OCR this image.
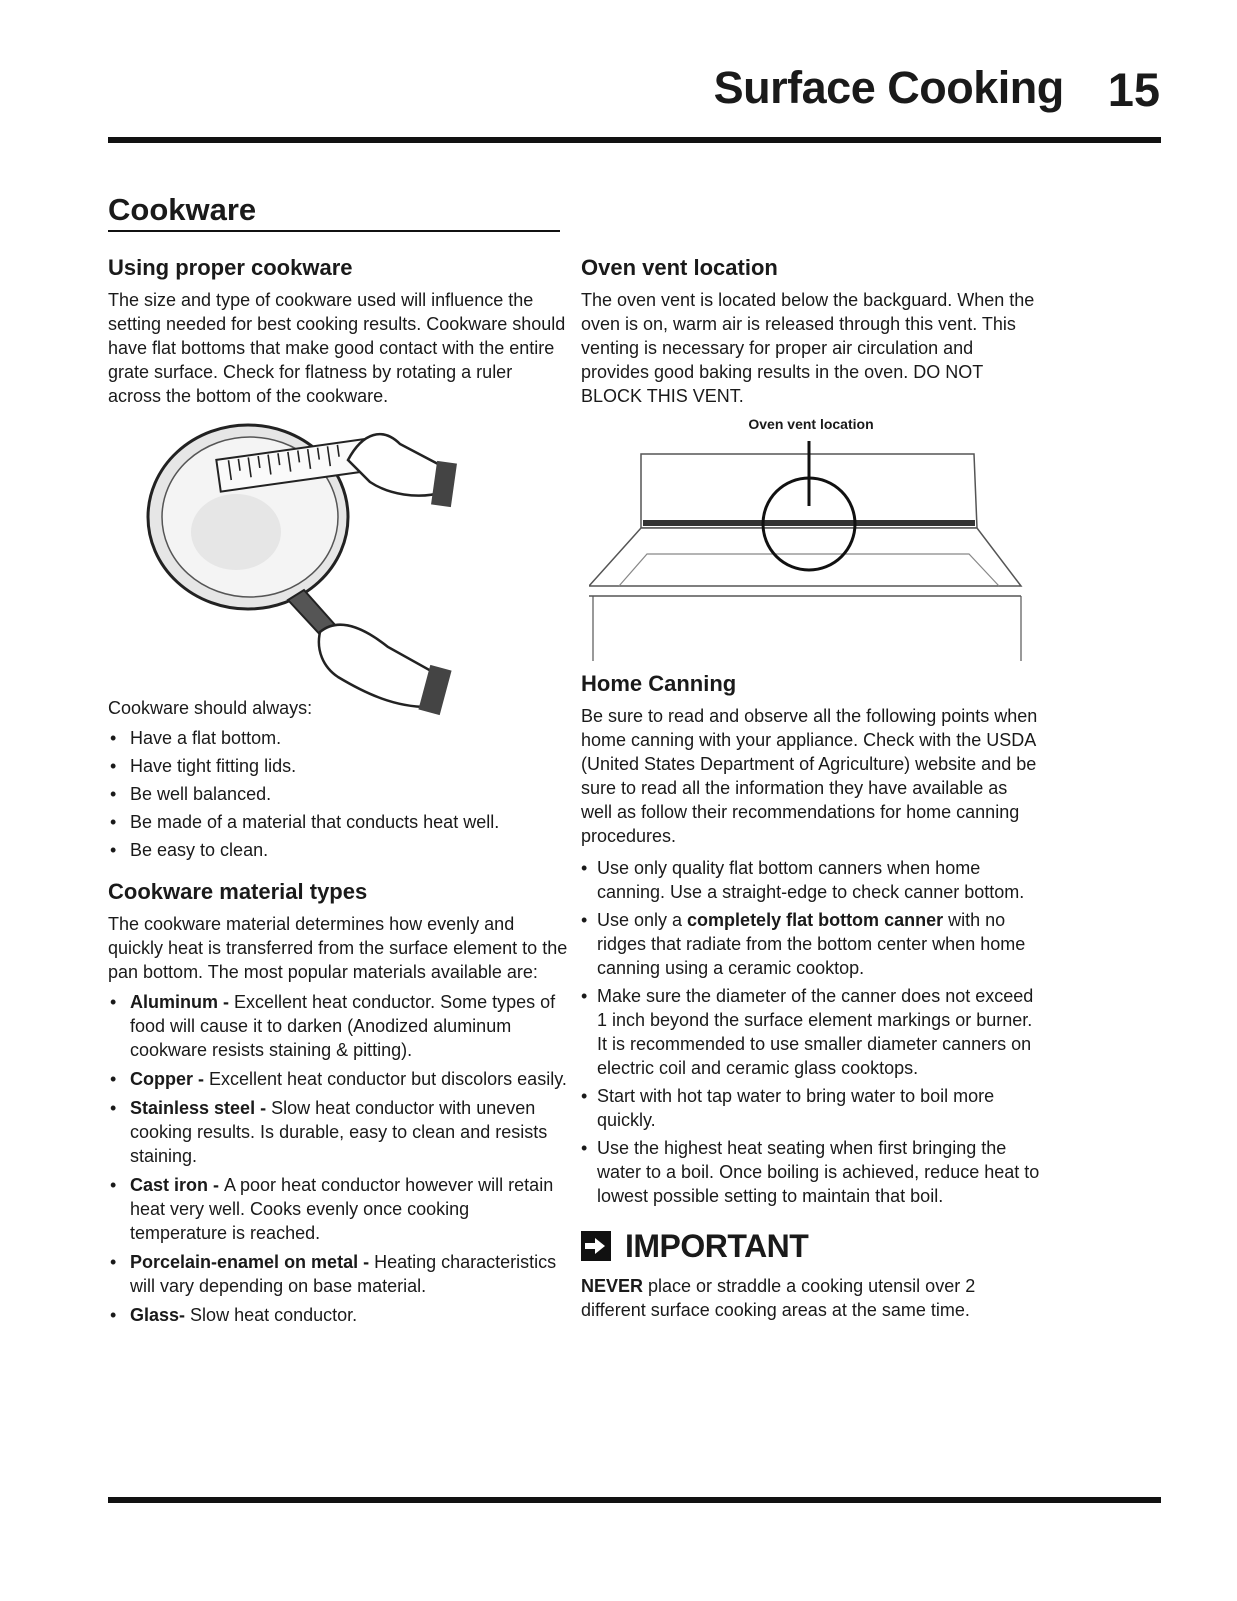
Surface Cooking 15
Cookware
Using proper cookware

The size and type of cookware used will influence the setting needed for best cooking results. Cookware should have flat bottoms that make good contact with the entire grate surface. Check for flatness by rotating a ruler across the bottom of the cookware.

Cookware should always:

• Have a flat bottom.
• Have tight fitting lids.
• Be well balanced.
• Be made of a material that conducts heat well.
• Be easy to clean.
Cookware material types

The cookware material determines how evenly and quickly heat is transferred from the surface element to the pan bottom. The most popular materials available are:

• Aluminum - Excellent heat conductor. Some types of food will cause it to darken (Anodized aluminum cookware resists staining & pitting).
• Copper - Excellent heat conductor but discolors easily.
• Stainless steel - Slow heat conductor with uneven cooking results. Is durable, easy to clean and resists staining.
• Cast iron - A poor heat conductor however will retain heat very well. Cooks evenly once cooking temperature is reached.
• Porcelain-enamel on metal - Heating characteristics will vary depending on base material.
• Glass- Slow heat conductor.
Oven vent location

The oven vent is located below the backguard. When the oven is on, warm air is released through this vent. This venting is necessary for proper air circulation and provides good baking results in the oven. DO NOT BLOCK THIS VENT.

Oven vent location
Home Canning

Be sure to read and observe all the following points when home canning with your appliance. Check with the USDA (United States Department of Agriculture) website and be sure to read all the information they have available as well as follow their recommendations for home canning procedures.

• Use only quality flat bottom canners when home canning. Use a straight-edge to check canner bottom.
• Use only a completely flat bottom canner with no ridges that radiate from the bottom center when home canning using a ceramic cooktop.
• Make sure the diameter of the canner does not exceed 1 inch beyond the surface element markings or burner. It is recommended to use smaller diameter canners on electric coil and ceramic glass cooktops.
• Start with hot tap water to bring water to boil more quickly.
• Use the highest heat seating when first bringing the water to a boil. Once boiling is achieved, reduce heat to lowest possible setting to maintain that boil.
IMPORTANT

NEVER place or straddle a cooking utensil over 2 different surface cooking areas at the same time.
